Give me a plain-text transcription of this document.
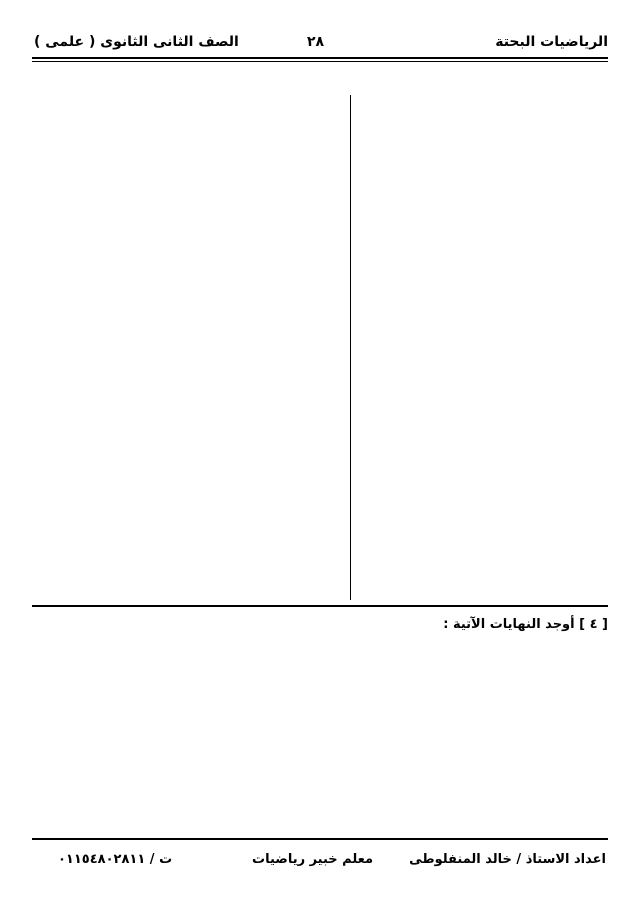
الرياضيات البحتة
٢٨
الصف الثانى الثانوى ( علمى )
[ ٤ ] أوجد النهايات الآتية :
اعداد الاستاذ / خالد المنفلوطى
معلم خبير رياضيات
ت / ٠١١٥٤٨٠٢٨١١
